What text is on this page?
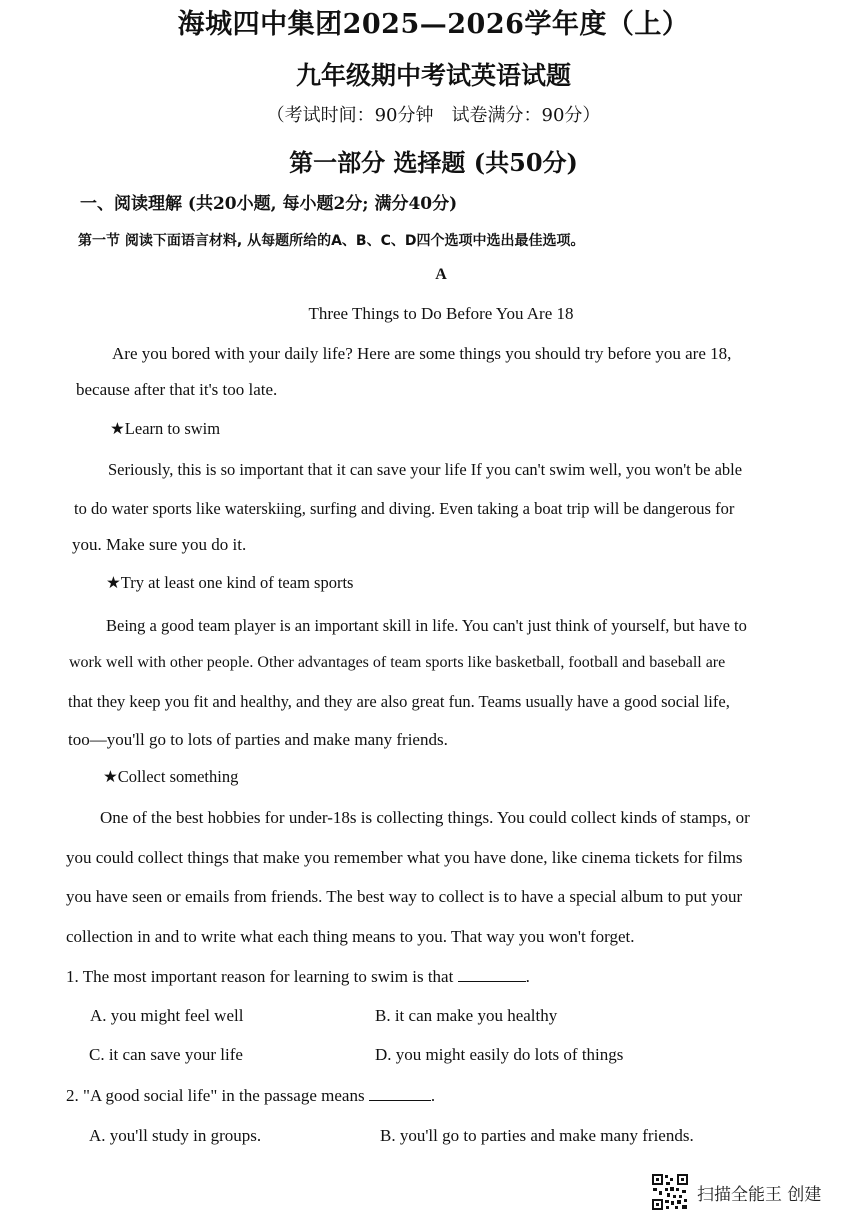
海城四中集团2025—2026学年度（上）
九年级期中考试英语试题
（考试时间：90分钟　试卷满分：90分）
第一部分 选择题 (共50分)
一、阅读理解 (共20小题, 每小题2分; 满分40分)
第一节 阅读下面语言材料, 从每题所给的A、B、C、D四个选项中选出最佳选项。
A
Three Things to Do Before You Are 18
Are you bored with your daily life? Here are some things you should try before you are 18,
because after that it's too late.
★Learn to swim
Seriously, this is so important that it can save your life If you can't swim well, you won't be able
to do water sports like waterskiing, surfing and diving. Even taking a boat trip will be dangerous for
you. Make sure you do it.
★Try at least one kind of team sports
Being a good team player is an important skill in life. You can't just think of yourself, but have to
work well with other people. Other advantages of team sports like basketball, football and baseball are
that they keep you fit and healthy, and they are also great fun. Teams usually have a good social life,
too—you'll go to lots of parties and make many friends.
★Collect something
One of the best hobbies for under-18s is collecting things. You could collect kinds of stamps, or
you could collect things that make you remember what you have done, like cinema tickets for films
you have seen or emails from friends. The best way to collect is to have a special album to put your
collection in and to write what each thing means to you. That way you won't forget.
1. The most important reason for learning to swim is that	.
A. you might feel well	B. it can make you healthy
C. it can save your life	D. you might easily do lots of things
2. "A good social life" in the passage means	.
A. you'll study in groups.	B. you'll go to parties and make many friends.
扫描全能王 创建
